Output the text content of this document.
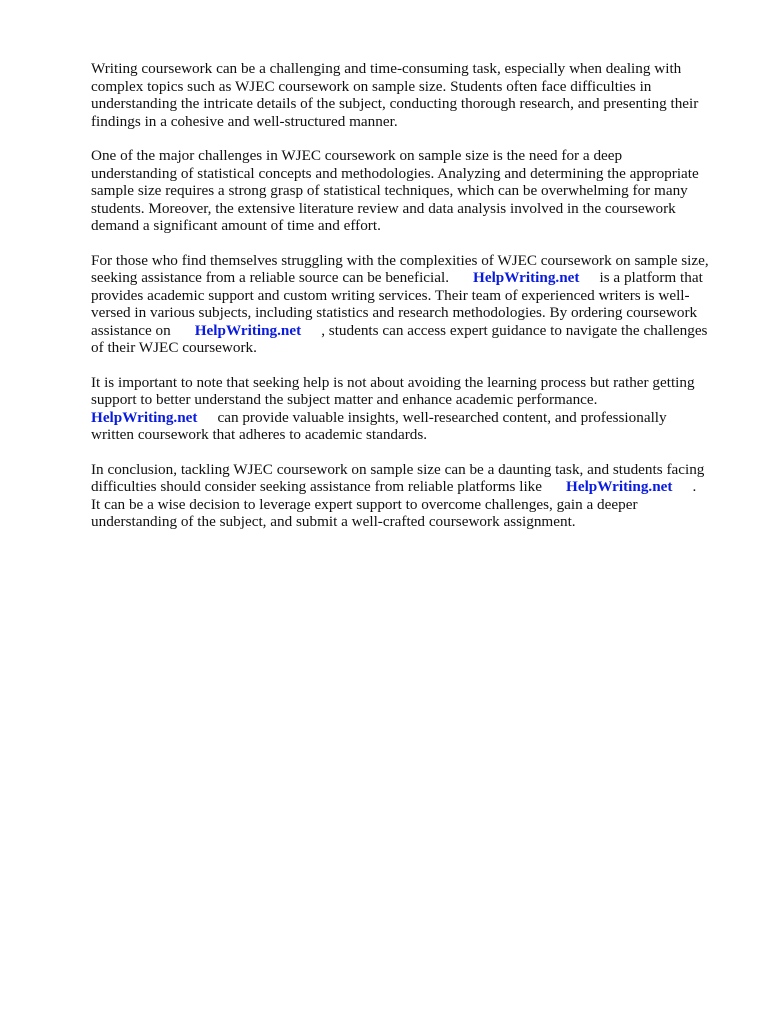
Writing coursework can be a challenging and time-consuming task, especially when dealing with
complex topics such as WJEC coursework on sample size. Students often face difficulties in
understanding the intricate details of the subject, conducting thorough research, and presenting their
findings in a cohesive and well-structured manner.

One of the major challenges in WJEC coursework on sample size is the need for a deep
understanding of statistical concepts and methodologies. Analyzing and determining the appropriate
sample size requires a strong grasp of statistical techniques, which can be overwhelming for many
students. Moreover, the extensive literature review and data analysis involved in the coursework
demand a significant amount of time and effort.

For those who find themselves struggling with the complexities of WJEC coursework on sample size,
seeking assistance from a reliable source can be beneficial. HelpWriting.net is a platform that
provides academic support and custom writing services. Their team of experienced writers is well-
versed in various subjects, including statistics and research methodologies. By ordering coursework
assistance on HelpWriting.net , students can access expert guidance to navigate the challenges
of their WJEC coursework.

It is important to note that seeking help is not about avoiding the learning process but rather getting
support to better understand the subject matter and enhance academic performance.
HelpWriting.net can provide valuable insights, well-researched content, and professionally
written coursework that adheres to academic standards.

In conclusion, tackling WJEC coursework on sample size can be a daunting task, and students facing
difficulties should consider seeking assistance from reliable platforms like HelpWriting.net .
It can be a wise decision to leverage expert support to overcome challenges, gain a deeper
understanding of the subject, and submit a well-crafted coursework assignment.
